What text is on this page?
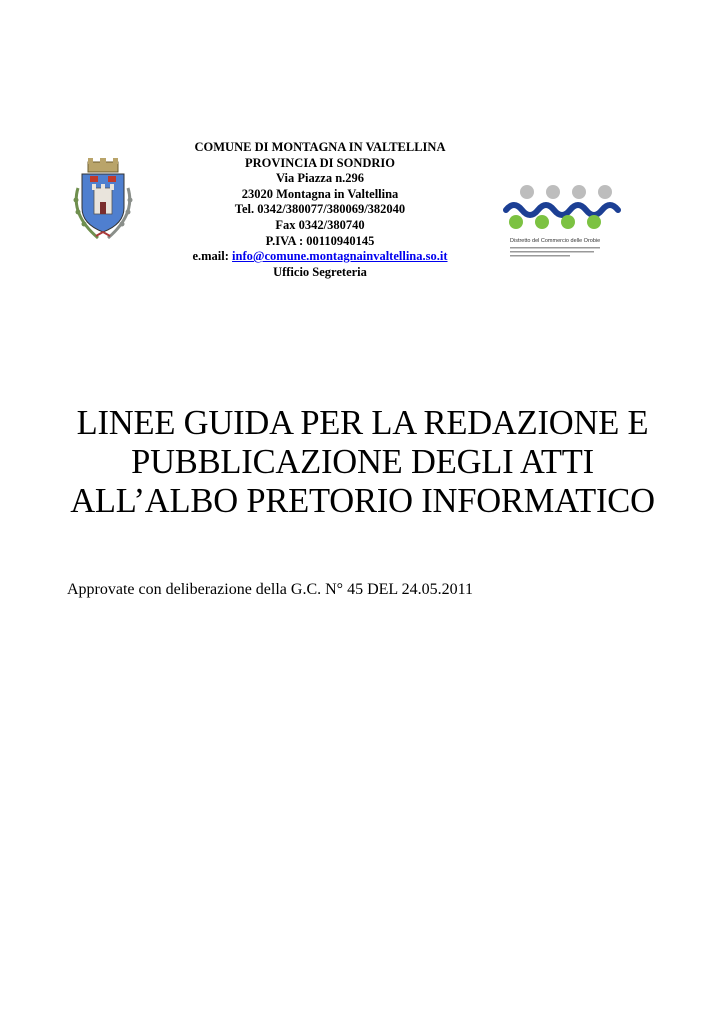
COMUNE DI MONTAGNA IN VALTELLINA
PROVINCIA DI SONDRIO
Via Piazza n.296
23020 Montagna in Valtellina
Tel. 0342/380077/380069/382040
Fax 0342/380740
P.IVA : 00110940145
e.mail: info@comune.montagnainvaltellina.so.it
Ufficio Segreteria
Distretto del Commercio delle Orobie
LINEE GUIDA PER LA REDAZIONE E
PUBBLICAZIONE DEGLI ATTI
ALL’ALBO PRETORIO INFORMATICO
Approvate con deliberazione della G.C. N° 45 DEL 24.05.2011
